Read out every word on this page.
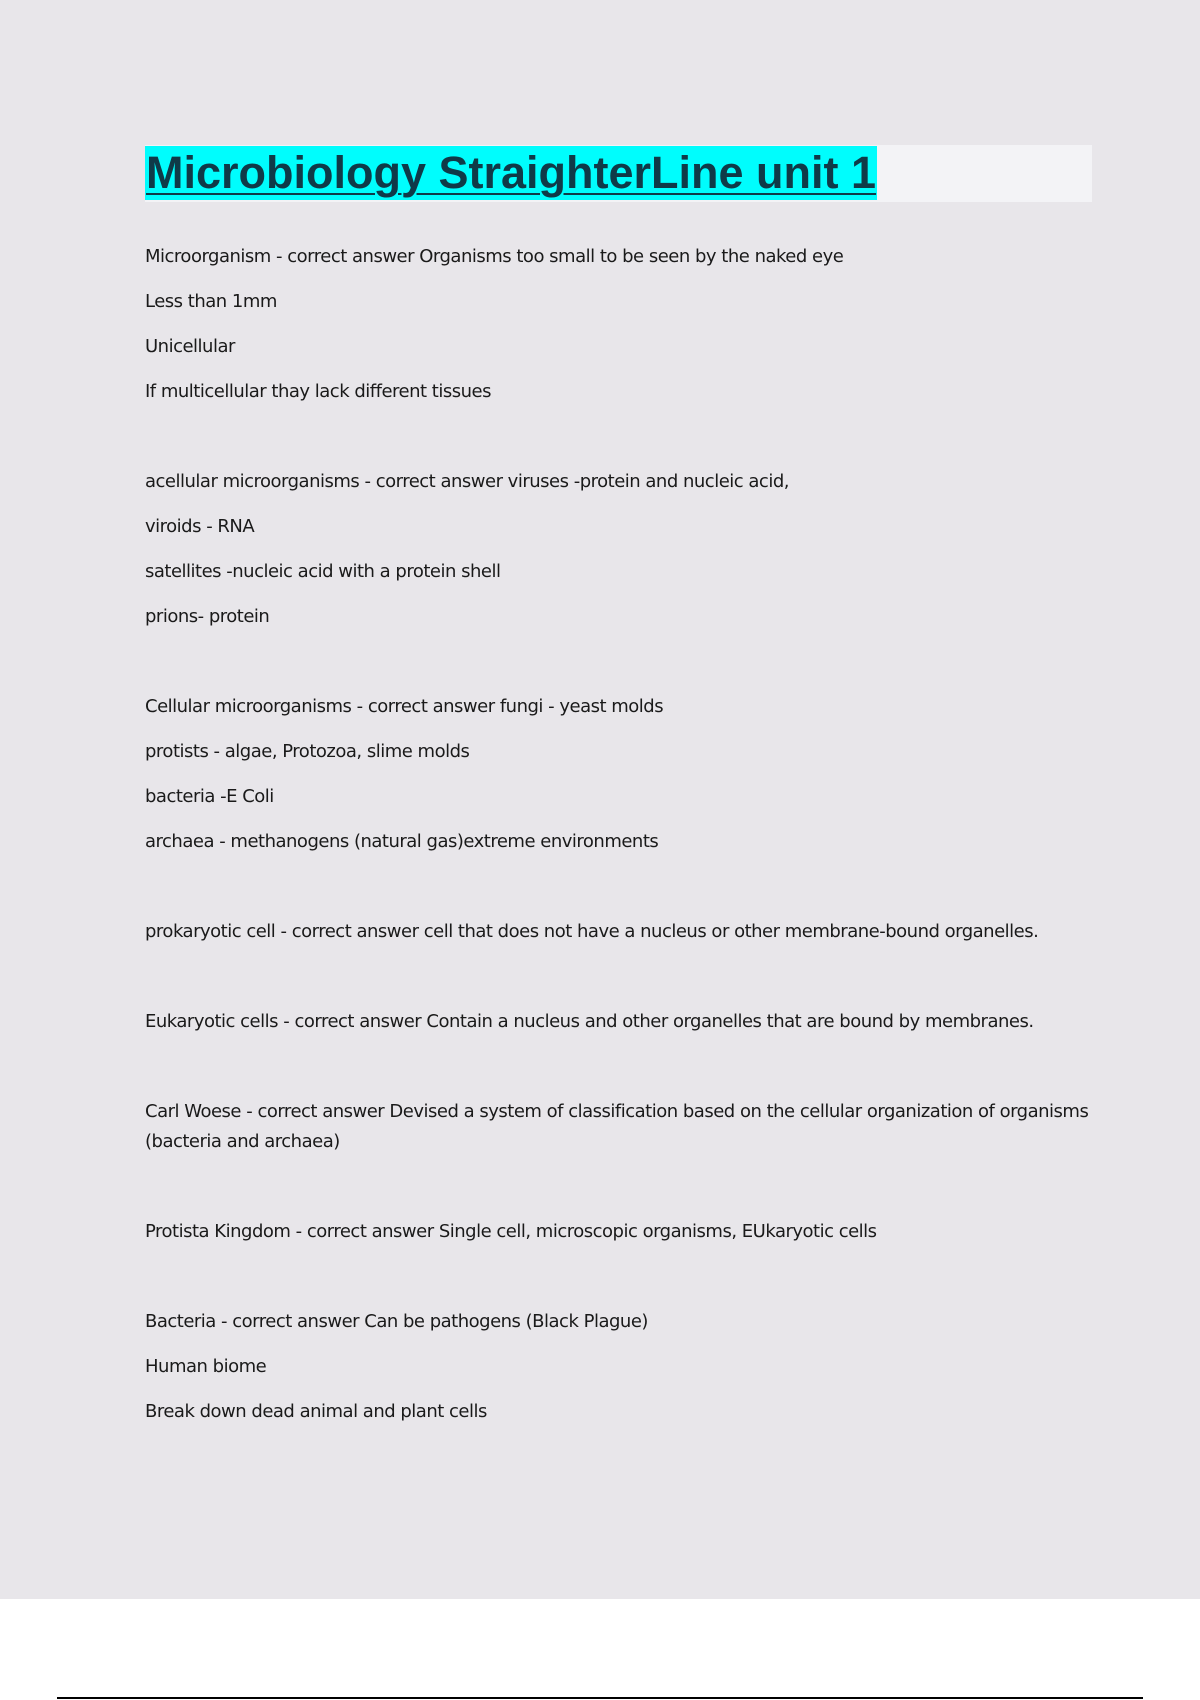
Microbiology StraighterLine unit 1

Microorganism - correct answer Organisms too small to be seen by the naked eye

Less than 1mm

Unicellular

If multicellular thay lack different tissues

acellular microorganisms - correct answer viruses -protein and nucleic acid,

viroids - RNA

satellites -nucleic acid with a protein shell

prions- protein

Cellular microorganisms - correct answer fungi - yeast molds

protists - algae, Protozoa, slime molds

bacteria -E Coli

archaea - methanogens (natural gas)extreme environments

prokaryotic cell - correct answer cell that does not have a nucleus or other membrane-bound organelles.

Eukaryotic cells - correct answer Contain a nucleus and other organelles that are bound by membranes.

Carl Woese - correct answer Devised a system of classification based on the cellular organization of organisms (bacteria and archaea)

Protista Kingdom - correct answer Single cell, microscopic organisms, EUkaryotic cells

Bacteria - correct answer Can be pathogens (Black Plague)

Human biome

Break down dead animal and plant cells
